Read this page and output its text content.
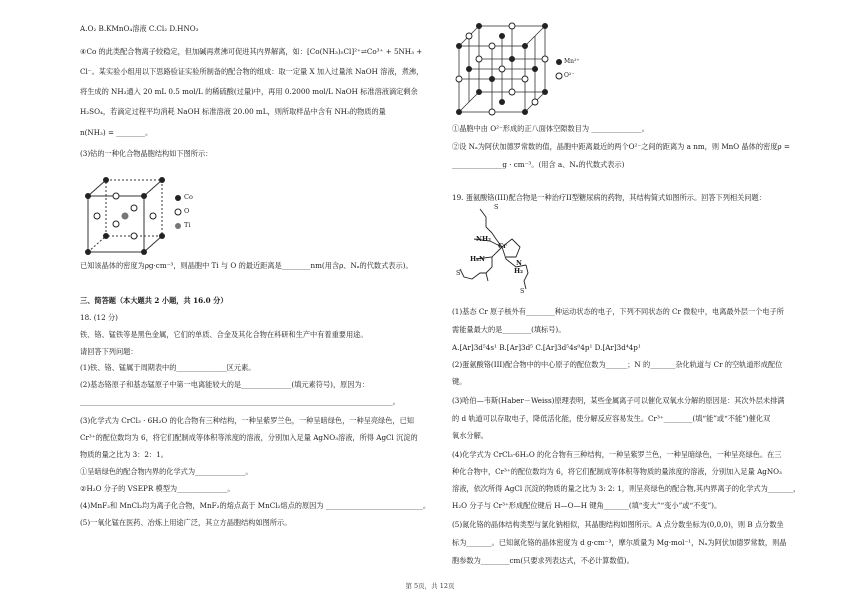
A.O₂ B.KMnO₄溶液 C.Cl₂ D.HNO₃
④Co 的此类配合物离子较稳定，但加碱再煮沸可促进其内界解离，如：[Co(NH₃)₅Cl]²⁺⇌Co³⁺ + 5NH₃ +
Cl⁻。某实验小组用以下思路验证实验所制备的配合物的组成：取一定量 X 加入过量浓 NaOH 溶液，煮沸，
将生成的 NH₃通入 20 mL 0.5 mol/L 的稀硫酸(过量)中，再用 0.2000 mol/L NaOH 标准溶液滴定剩余
H₂SO₄，若滴定过程平均消耗 NaOH 标准溶液 20.00 mL，则所取样品中含有 NH₃的物质的量
n(NH₃) = ________。
(3)钴的一种化合物晶胞结构如下图所示：
Co
O
Ti
已知该晶体的密度为ρg·cm⁻³，则晶胞中 Ti 与 O 的最近距离是________nm(用含ρ、Nₐ的代数式表示)。
三、简答题（本大题共 2 小题，共 16.0 分）
18. (12 分)
铁、铬、锰铁等是黑色金属，它们的单质、合金及其化合物在科研和生产中有着重要用途。
请回答下列问题：
(1)铁、铬、锰属于周期表中的______________区元素。
(2)基态铬原子和基态锰原子中第一电离能较大的是______________(填元素符号)，原因为：
_______________________________________________________________________________________。
(3)化学式为 CrCl₃ · 6H₂O 的化合物有三种结构，一种呈紫罗兰色，一种呈暗绿色，一种呈亮绿色，已知
Cr³⁺的配位数均为 6，将它们配制成等体积等浓度的溶液，分别加入足量 AgNO₃溶液，所得 AgCl 沉淀的
物质的量之比为 3：2：1。
①呈暗绿色的配合物内界的化学式为______________。
②H₂O 分子的 VSEPR 模型为______________。
(4)MnF₂和 MnCl₂均为离子化合物，MnF₂的熔点高于 MnCl₂熔点的原因为 ___________________________。
(5)一氧化锰在医药、冶炼上用途广泛，其立方晶胞结构如图所示。
Mn²⁺
O²⁻
①晶胞中由 O²⁻形成的正八面体空隙数目为 ______________。
②设 Nₐ为阿伏加德罗常数的值，晶胞中距离最近的两个O²⁻之间的距离为 a nm，则 MnO 晶体的密度ρ =
______________g · cm⁻³。(用含 a、Nₐ的代数式表示)
19. 蛋氨酸铬(III)配合物是一种治疗II型糖尿病的药物，其结构简式如图所示。回答下列相关问题：
S
NH₂
Cr
H₂N	N
H₂
S
S
(1)基态 Cr 原子核外有________种运动状态的电子，下列不同状态的 Cr 微粒中，电离最外层一个电子所
需能量最大的是________(填标号)。
A.[Ar]3d⁵4s¹ B.[Ar]3d⁵ C.[Ar]3d⁵4s⁰4p¹ D.[Ar]3d⁴4p¹
(2)蛋氨酸铬(III)配合物中的中心原子的配位数为______；N 的_______杂化轨道与 Cr 的空轨道形成配位
键。
(3)哈伯—韦斯(Haber－Weiss)原理表明，某些金属离子可以催化双氧水分解的原因是：其次外层未排满
的 d 轨道可以存取电子，降低活化能，使分解反应容易发生。Cr³⁺________(填“能”或“不能”)催化双
氧水分解。
(4)化学式为 CrCl₃·6H₂O 的化合物有三种结构，一种呈紫罗兰色，一种呈暗绿色，一种呈亮绿色。在三
种化合物中，Cr³⁺的配位数均为 6，将它们配制成等体积等物质的量浓度的溶液，分别加入足量 AgNO₃
溶液，依次所得 AgCl 沉淀的物质的量之比为 3: 2: 1，则呈亮绿色的配合物,其内界离子的化学式为_______，
H₂O 分子与 Cr³⁺形成配位键后 H—O—H 键角_______(填“变大”“变小”或“不变”)。
(5)氮化铬的晶体结构类型与氯化钠相似，其晶胞结构如图所示。A 点分数坐标为(0,0,0)，则 B 点分数坐
标为_______。已知氮化铬的晶体密度为 d g·cm⁻³，摩尔质量为 Mg·mol⁻¹，Nₐ为阿伏加德罗常数，则晶
胞参数为________cm(只要求列表达式，不必计算数值)。
第 5页，共 12页
